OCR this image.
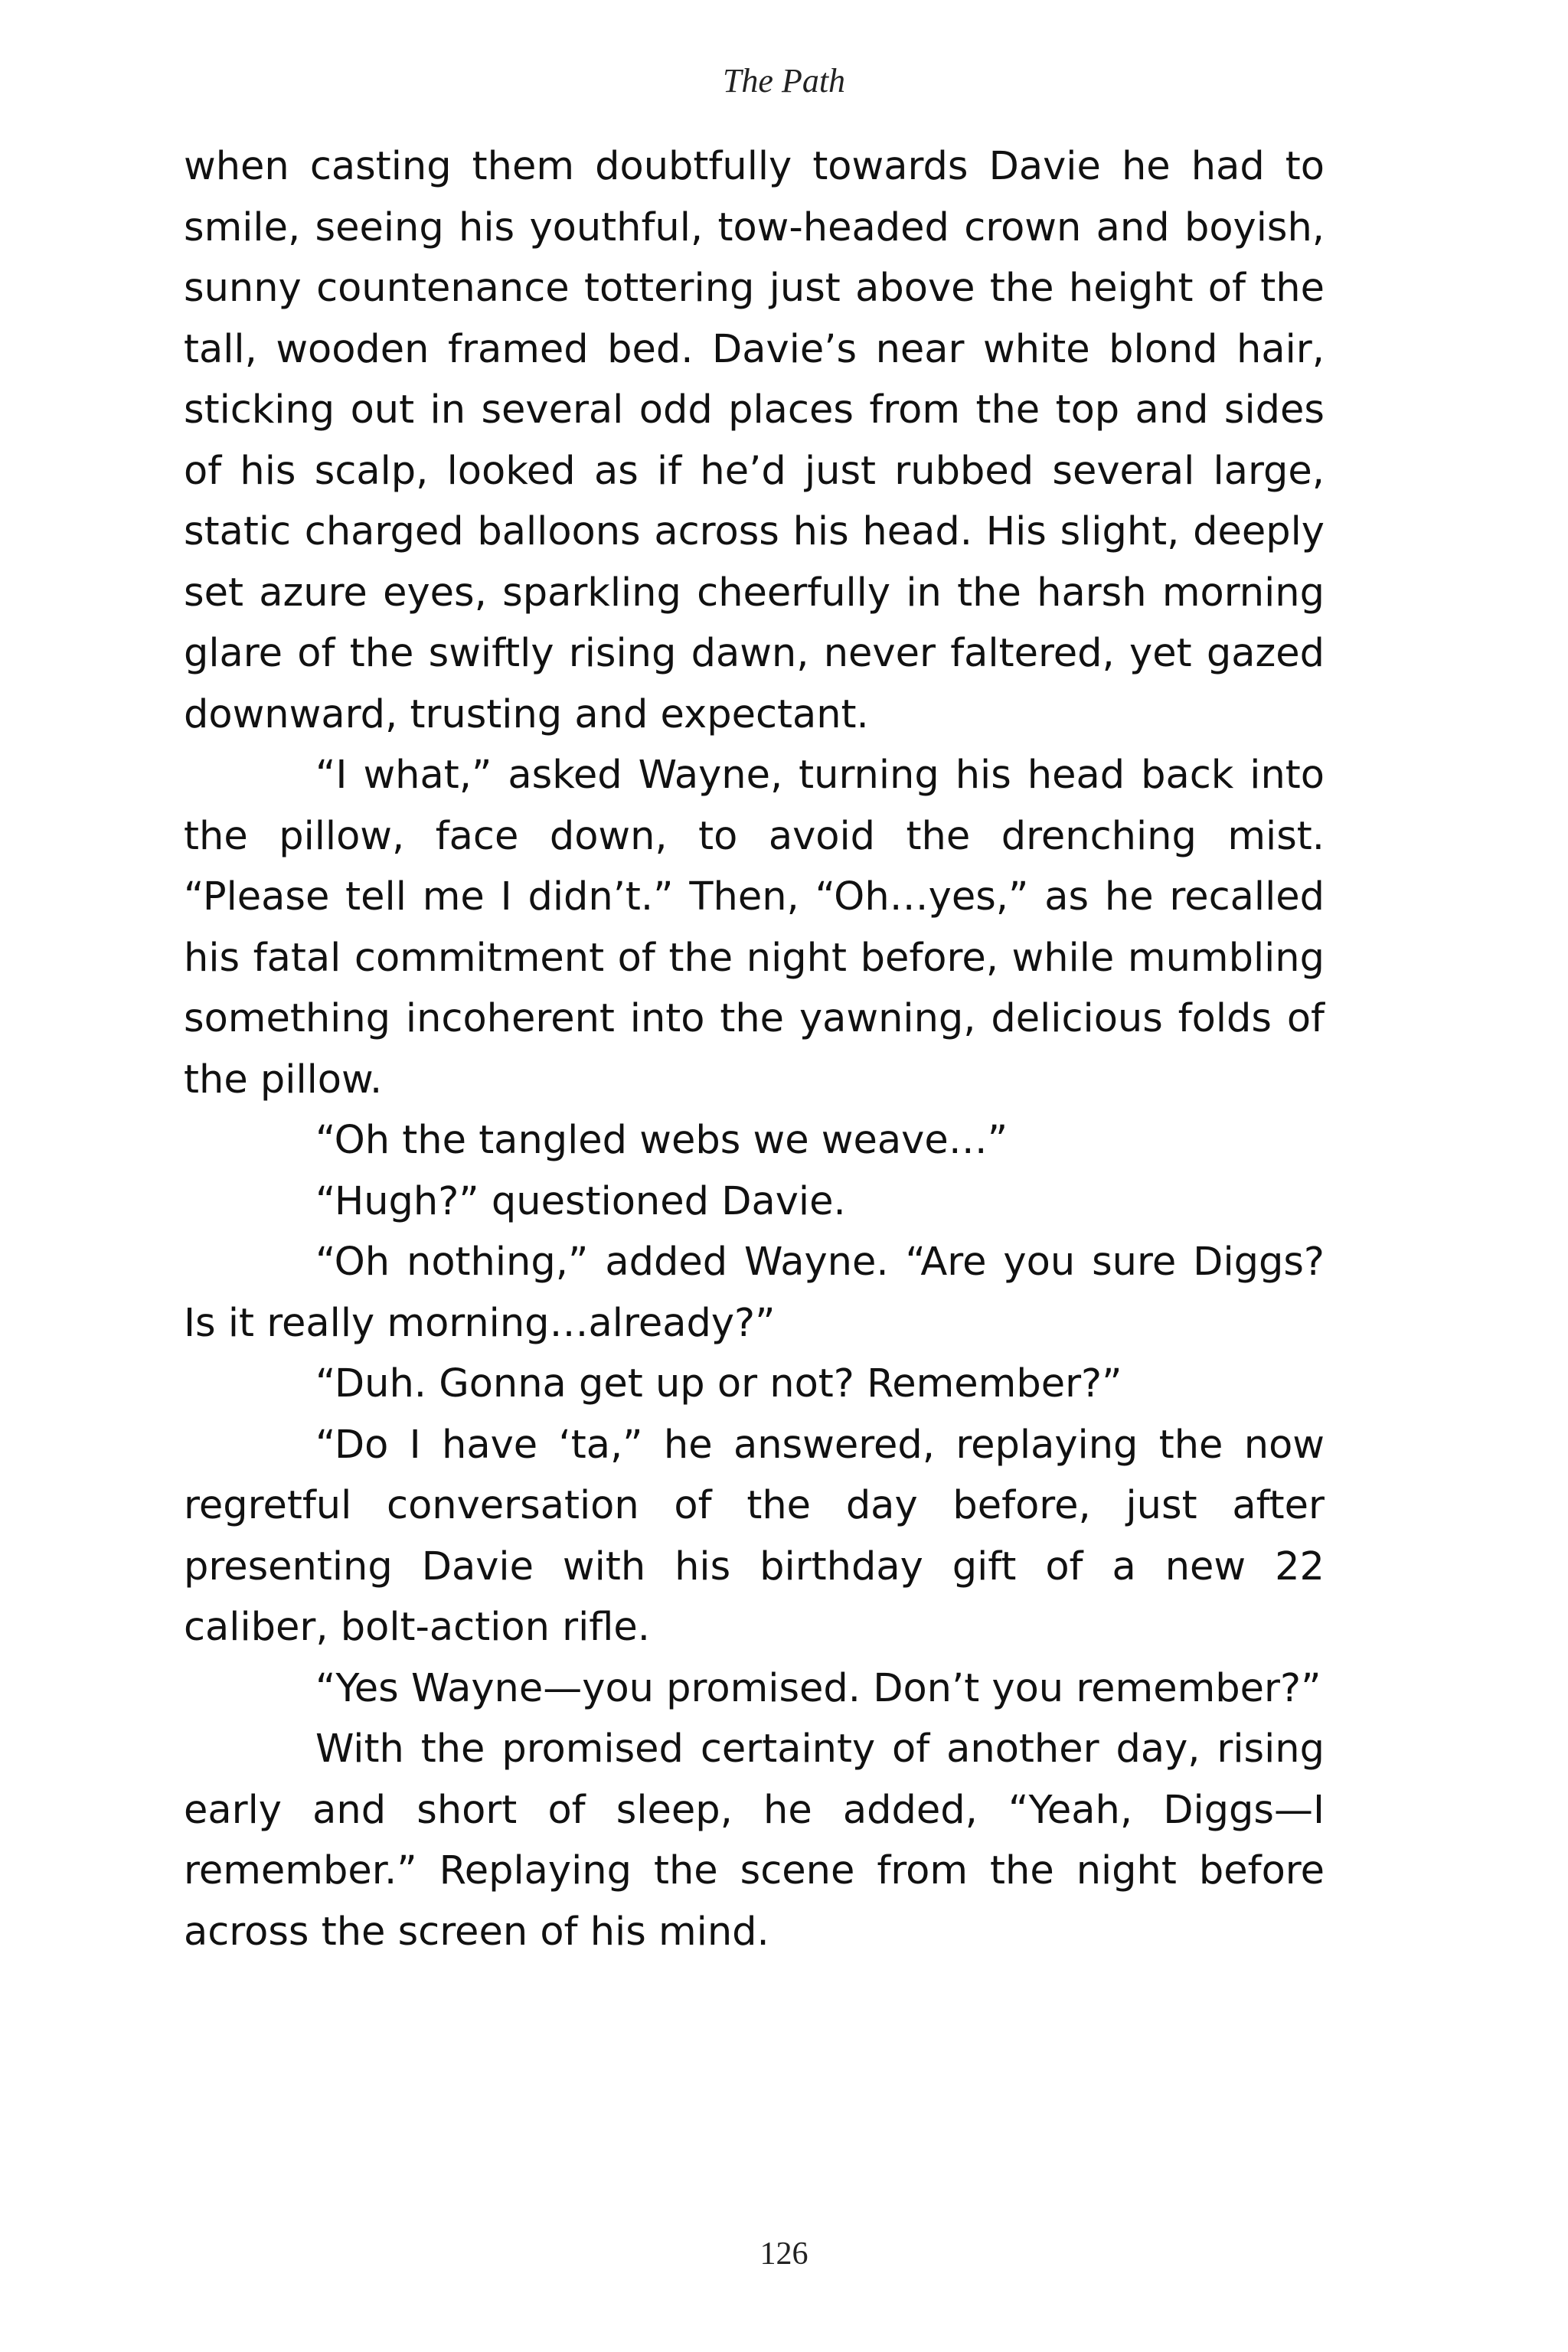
The Path

when casting them doubtfully towards Davie he had to smile, seeing his youthful, tow-headed crown and boyish, sunny countenance tottering just above the height of the tall, wooden framed bed. Davie’s near white blond hair, sticking out in several odd places from the top and sides of his scalp, looked as if he’d just rubbed several large, static charged balloons across his head. His slight, deeply set azure eyes, sparkling cheerfully in the harsh morning glare of the swiftly rising dawn, never faltered, yet gazed downward, trusting and expectant.

“I what,” asked Wayne, turning his head back into the pillow, face down, to avoid the drenching mist. “Please tell me I didn’t.” Then, “Oh…yes,” as he recalled his fatal commitment of the night before, while mumbling something incoherent into the yawning, delicious folds of the pillow.

“Oh the tangled webs we weave…”

“Hugh?” questioned Davie.

“Oh nothing,” added Wayne. “Are you sure Diggs? Is it really morning…already?”

“Duh. Gonna get up or not? Remember?”

“Do I have ‘ta,” he answered, replaying the now regretful conversation of the day before, just after presenting Davie with his birthday gift of a new 22 caliber, bolt-action rifle.

“Yes Wayne—you promised. Don’t you remember?”

With the promised certainty of another day, rising early and short of sleep, he added, “Yeah, Diggs—I remember.” Replaying the scene from the night before across the screen of his mind.

126
